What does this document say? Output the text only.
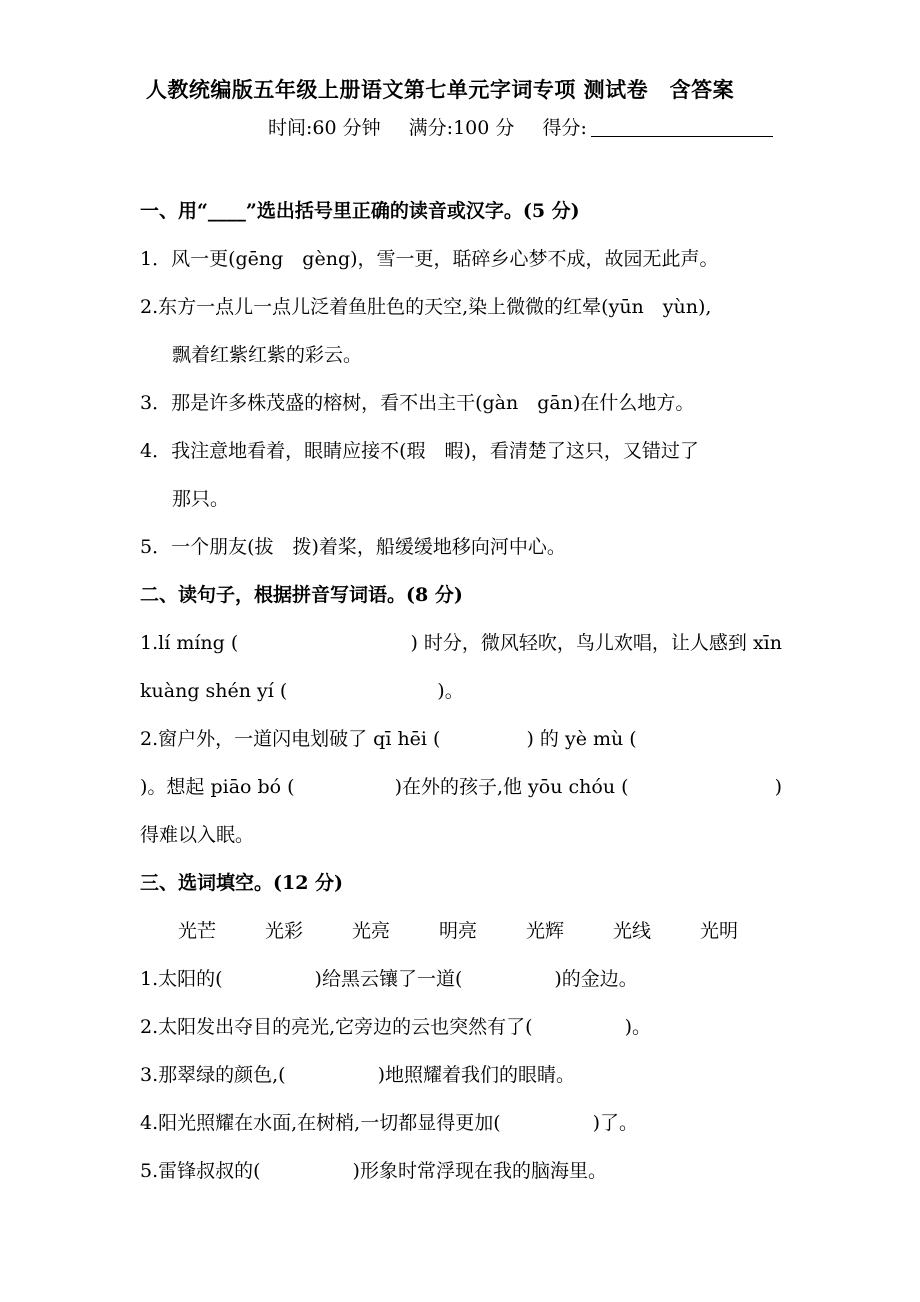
人教统编版五年级上册语文第七单元字词专项 测试卷　含答案
时间:60 分钟 满分:100 分 得分:
一、用“____”选出括号里正确的读音或汉字。(5 分)
1．风一更(gēng　gèng)，雪一更，聒碎乡心梦不成，故园无此声。
2.东方一点儿一点儿泛着鱼肚色的天空,染上微微的红晕(yūn　yùn),
飘着红紫红紫的彩云。
3．那是许多株茂盛的榕树，看不出主干(gàn　gān)在什么地方。
4．我注意地看着，眼睛应接不(瑕　暇)，看清楚了这只，又错过了
那只。
5．一个朋友(拔　拨)着桨，船缓缓地移向河中心。
二、读句子，根据拼音写词语。(8 分)
1.lí míng (	) 时分，微风轻吹，鸟儿欢唱，让人感到 xīn
kuàng shén yí (	)。
2.窗户外，一道闪电划破了 qī hēi (	) 的 yè mù (
)。想起 piāo bó (	)在外的孩子,他 yōu chóu (	)
得难以入眠。
三、选词填空。(12 分)
光芒	光彩	光亮	明亮	光辉	光线	光明
1.太阳的(	)给黑云镶了一道(	)的金边。
2.太阳发出夺目的亮光,它旁边的云也突然有了(	)。
3.那翠绿的颜色,(	)地照耀着我们的眼睛。
4.阳光照耀在水面,在树梢,一切都显得更加(	)了。
5.雷锋叔叔的(	)形象时常浮现在我的脑海里。
